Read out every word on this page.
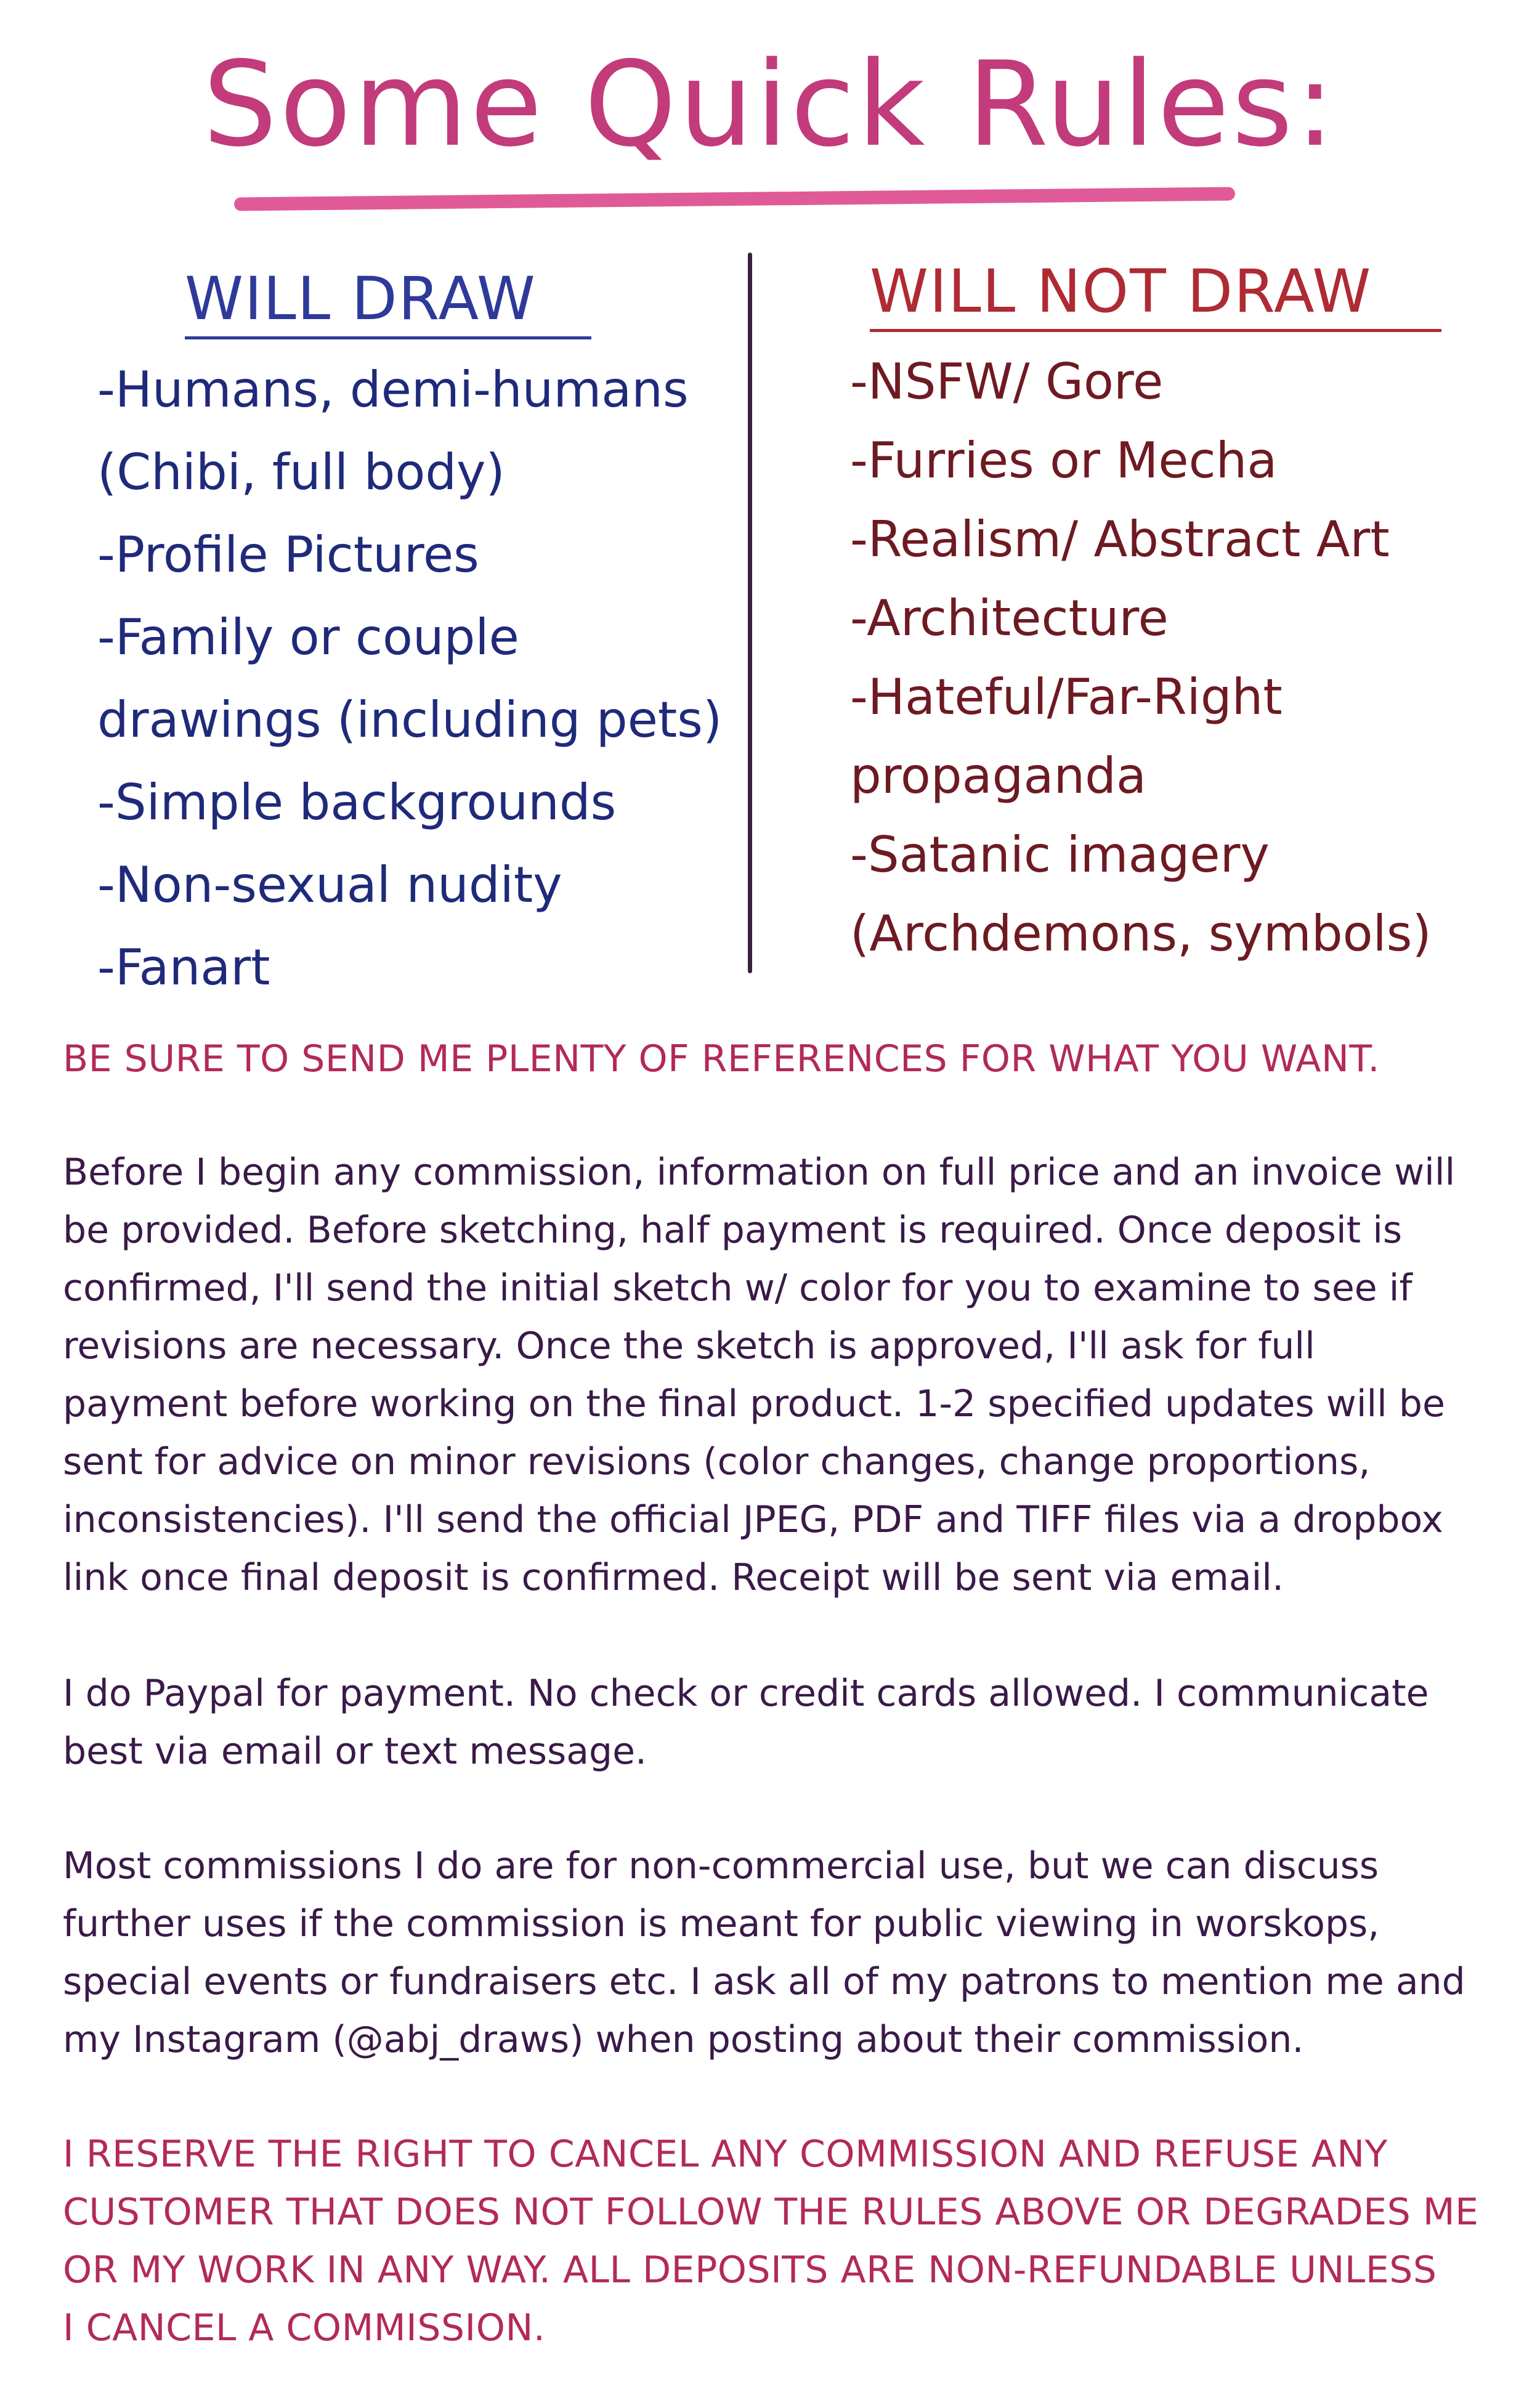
Some Quick Rules:
WILL DRAW
-Humans, demi-humans
(Chibi, full body)
-Profile Pictures
-Family or couple
drawings (including pets)
-Simple backgrounds
-Non-sexual nudity
-Fanart
WILL NOT DRAW
-NSFW/ Gore
-Furries or Mecha
-Realism/ Abstract Art
-Architecture
-Hateful/Far-Right
propaganda
-Satanic imagery
(Archdemons, symbols)

BE SURE TO SEND ME PLENTY OF REFERENCES FOR WHAT YOU WANT.

Before I begin any commission, information on full price and an invoice will
be provided. Before sketching, half payment is required. Once deposit is
confirmed, I'll send the initial sketch w/ color for you to examine to see if
revisions are necessary. Once the sketch is approved, I'll ask for full
payment before working on the final product. 1-2 specified updates will be
sent for advice on minor revisions (color changes, change proportions,
inconsistencies). I'll send the official JPEG, PDF and TIFF files via a dropbox
link once final deposit is confirmed. Receipt will be sent via email.

I do Paypal for payment. No check or credit cards allowed. I communicate
best via email or text message.

Most commissions I do are for non-commercial use, but we can discuss
further uses if the commission is meant for public viewing in worskops,
special events or fundraisers etc. I ask all of my patrons to mention me and
my Instagram (@abj_draws) when posting about their commission.

I RESERVE THE RIGHT TO CANCEL ANY COMMISSION AND REFUSE ANY
CUSTOMER THAT DOES NOT FOLLOW THE RULES ABOVE OR DEGRADES ME
OR MY WORK IN ANY WAY. ALL DEPOSITS ARE NON-REFUNDABLE UNLESS
I CANCEL A COMMISSION.
